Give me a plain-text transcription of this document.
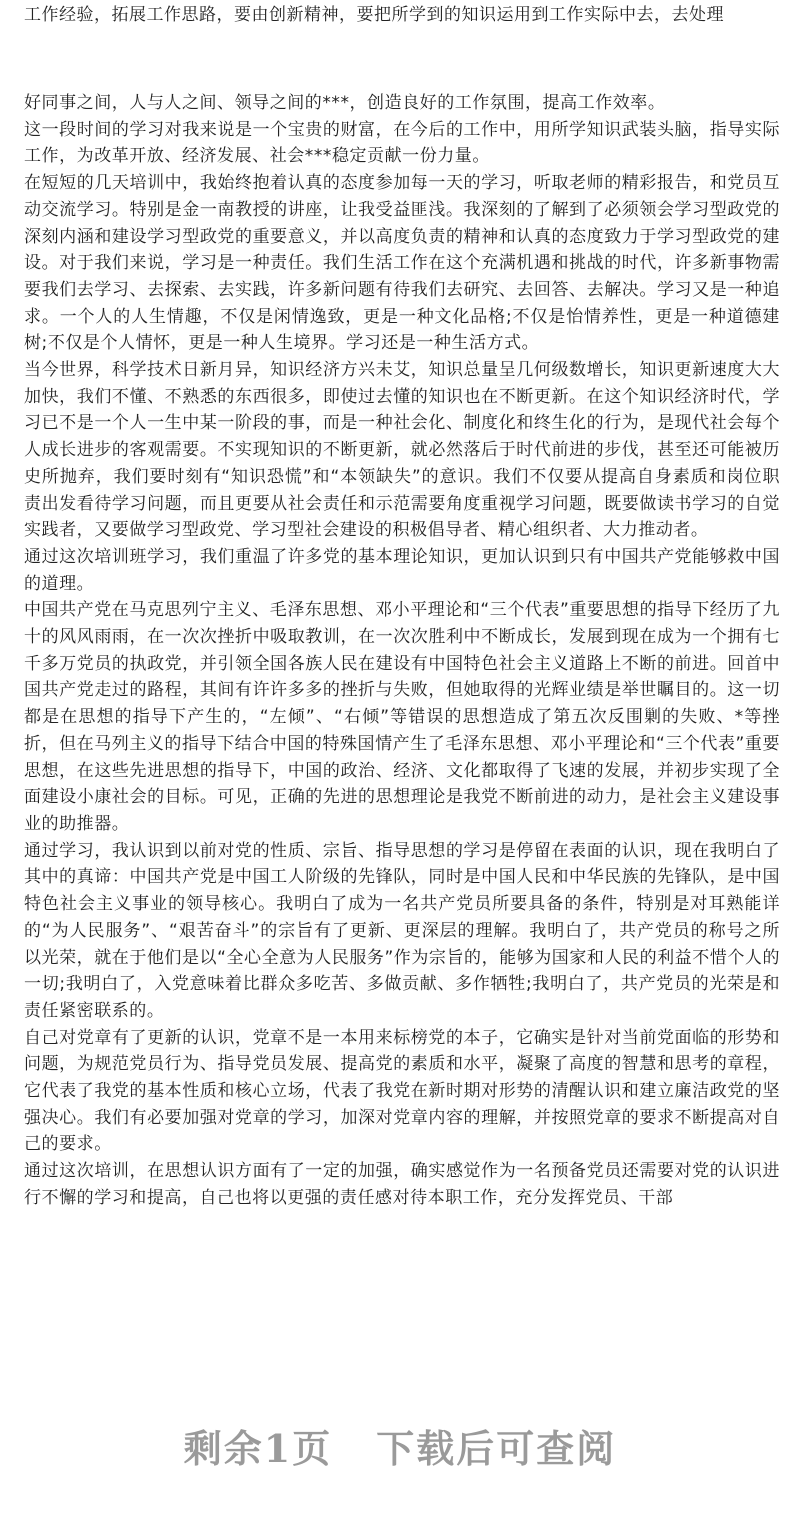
工作经验，拓展工作思路，要由创新精神，要把所学到的知识运用到工作实际中去，去处理

好同事之间，人与人之间、领导之间的***，创造良好的工作氛围，提高工作效率。

这一段时间的学习对我来说是一个宝贵的财富，在今后的工作中，用所学知识武装头脑，指导实际工作，为改革开放、经济发展、社会***稳定贡献一份力量。

在短短的几天培训中，我始终抱着认真的态度参加每一天的学习，听取老师的精彩报告，和党员互动交流学习。特别是金一南教授的讲座，让我受益匪浅。我深刻的了解到了必须领会学习型政党的深刻内涵和建设学习型政党的重要意义，并以高度负责的精神和认真的态度致力于学习型政党的建设。对于我们来说，学习是一种责任。我们生活工作在这个充满机遇和挑战的时代，许多新事物需要我们去学习、去探索、去实践，许多新问题有待我们去研究、去回答、去解决。学习又是一种追求。一个人的人生情趣，不仅是闲情逸致，更是一种文化品格;不仅是怡情养性，更是一种道德建树;不仅是个人情怀，更是一种人生境界。学习还是一种生活方式。

当今世界，科学技术日新月异，知识经济方兴未艾，知识总量呈几何级数增长，知识更新速度大大加快，我们不懂、不熟悉的东西很多，即使过去懂的知识也在不断更新。在这个知识经济时代，学习已不是一个人一生中某一阶段的事，而是一种社会化、制度化和终生化的行为，是现代社会每个人成长进步的客观需要。不实现知识的不断更新，就必然落后于时代前进的步伐，甚至还可能被历史所抛弃，我们要时刻有“知识恐慌”和“本领缺失”的意识。我们不仅要从提高自身素质和岗位职责出发看待学习问题，而且更要从社会责任和示范需要角度重视学习问题，既要做读书学习的自觉实践者，又要做学习型政党、学习型社会建设的积极倡导者、精心组织者、大力推动者。

通过这次培训班学习，我们重温了许多党的基本理论知识，更加认识到只有中国共产党能够救中国的道理。

中国共产党在马克思列宁主义、毛泽东思想、邓小平理论和“三个代表”重要思想的指导下经历了九十的风风雨雨，在一次次挫折中吸取教训，在一次次胜利中不断成长，发展到现在成为一个拥有七千多万党员的执政党，并引领全国各族人民在建设有中国特色社会主义道路上不断的前进。回首中国共产党走过的路程，其间有许许多多的挫折与失败，但她取得的光辉业绩是举世瞩目的。这一切都是在思想的指导下产生的，“左倾”、“右倾”等错误的思想造成了第五次反围剿的失败、*等挫折，但在马列主义的指导下结合中国的特殊国情产生了毛泽东思想、邓小平理论和“三个代表”重要思想，在这些先进思想的指导下，中国的政治、经济、文化都取得了飞速的发展，并初步实现了全面建设小康社会的目标。可见，正确的先进的思想理论是我党不断前进的动力，是社会主义建设事业的助推器。

通过学习，我认识到以前对党的性质、宗旨、指导思想的学习是停留在表面的认识，现在我明白了其中的真谛：中国共产党是中国工人阶级的先锋队，同时是中国人民和中华民族的先锋队，是中国特色社会主义事业的领导核心。我明白了成为一名共产党员所要具备的条件，特别是对耳熟能详的“为人民服务”、“艰苦奋斗”的宗旨有了更新、更深层的理解。我明白了，共产党员的称号之所以光荣，就在于他们是以“全心全意为人民服务”作为宗旨的，能够为国家和人民的利益不惜个人的一切;我明白了，入党意味着比群众多吃苦、多做贡献、多作牺牲;我明白了，共产党员的光荣是和责任紧密联系的。

自己对党章有了更新的认识，党章不是一本用来标榜党的本子，它确实是针对当前党面临的形势和问题，为规范党员行为、指导党员发展、提高党的素质和水平，凝聚了高度的智慧和思考的章程，它代表了我党的基本性质和核心立场，代表了我党在新时期对形势的清醒认识和建立廉洁政党的坚强决心。我们有必要加强对党章的学习，加深对党章内容的理解，并按照党章的要求不断提高对自己的要求。

通过这次培训，在思想认识方面有了一定的加强，确实感觉作为一名预备党员还需要对党的认识进行不懈的学习和提高，自己也将以更强的责任感对待本职工作，充分发挥党员、干部

剩余1页 下载后可查阅
